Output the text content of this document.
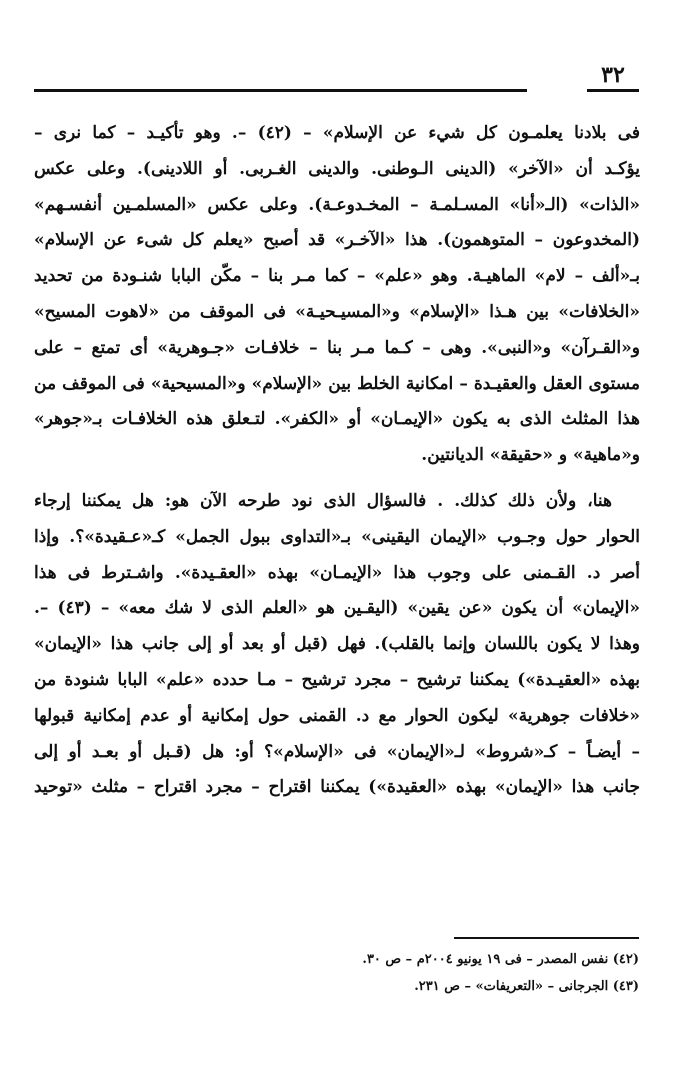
٣٢
فى بلادنا يعلمـون كل شيء عن الإسلام» – (٤٢) –. وهو تأكيـد – كما نرى –
يؤكـد أن «الآخر» (الدينى الـوطنى. والدينى الغـربى. أو اللادينى). وعلى عكس
«الذات» (الـ«أنا» المسـلمـة – المخـدوعـة). وعلى عكس «المسلمـين أنفسـهم»
(المخدوعون – المتوهمون). هذا «الآخـر» قد أصبح «يعلم كل شىء عن الإسلام»
بـ«ألف – لام» الماهيـة. وهو «علم» – كما مـر بنا – مكّن البابا شنـودة من تحديد
«الخلافات» بين هـذا «الإسلام» و«المسيـحيـة» فى الموقف من «لاهوت المسيح»
و«القـرآن» و«النبى». وهى – كـما مـر بنا – خلافـات «جـوهرية» أى تمتع – على
مستوى العقل والعقيـدة – امكانية الخلط بين «الإسلام» و«المسيحية» فى الموقف من
هذا المثلث الذى به يكون «الإيمـان» أو «الكفر». لتـعلق هذه الخلافـات بـ«جوهر»
و«ماهية» و «حقيقة» الديانتين.
هنا، ولأن ذلك كذلك. . فالسؤال الذى نود طرحه الآن هو: هل يمكننا إرجاء
الحوار حول وجـوب «الإيمان اليقينى» بـ«التداوى ببول الجمل» كـ«عـقيدة»؟. وإذا
أصر د. القـمنى على وجوب هذا «الإيمـان» بهذه «العقـيدة». واشـترط فى هذا
«الإيمان» أن يكون «عن يقين» (اليقـين هو «العلم الذى لا شك معه» – (٤٣) –.
وهذا لا يكون باللسان وإنما بالقلب). فهل (قبل أو بعد أو إلى جانب هذا «الإيمان»
بهذه «العقيـدة») يمكننا ترشيح – مجرد ترشيح – مـا حدده «علم» البابا شنودة من
«خلافات جوهرية» ليكون الحوار مع د. القمنى حول إمكانية أو عدم إمكانية قبولها
– أيضـاً – كـ«شروط» لـ«الإيمان» فى «الإسلام»؟ أو: هل (قـبل أو بعـد أو إلى
جانب هذا «الإيمان» بهذه «العقيدة») يمكننا اقتراح – مجرد اقتراح – مثلث «توحيد
(٤٢) نفس المصدر – فى ١٩ يونيو ٢٠٠٤م – ص ٣٠.
(٤٣) الجرجانى – «التعريفات» – ص ٢٣١.
